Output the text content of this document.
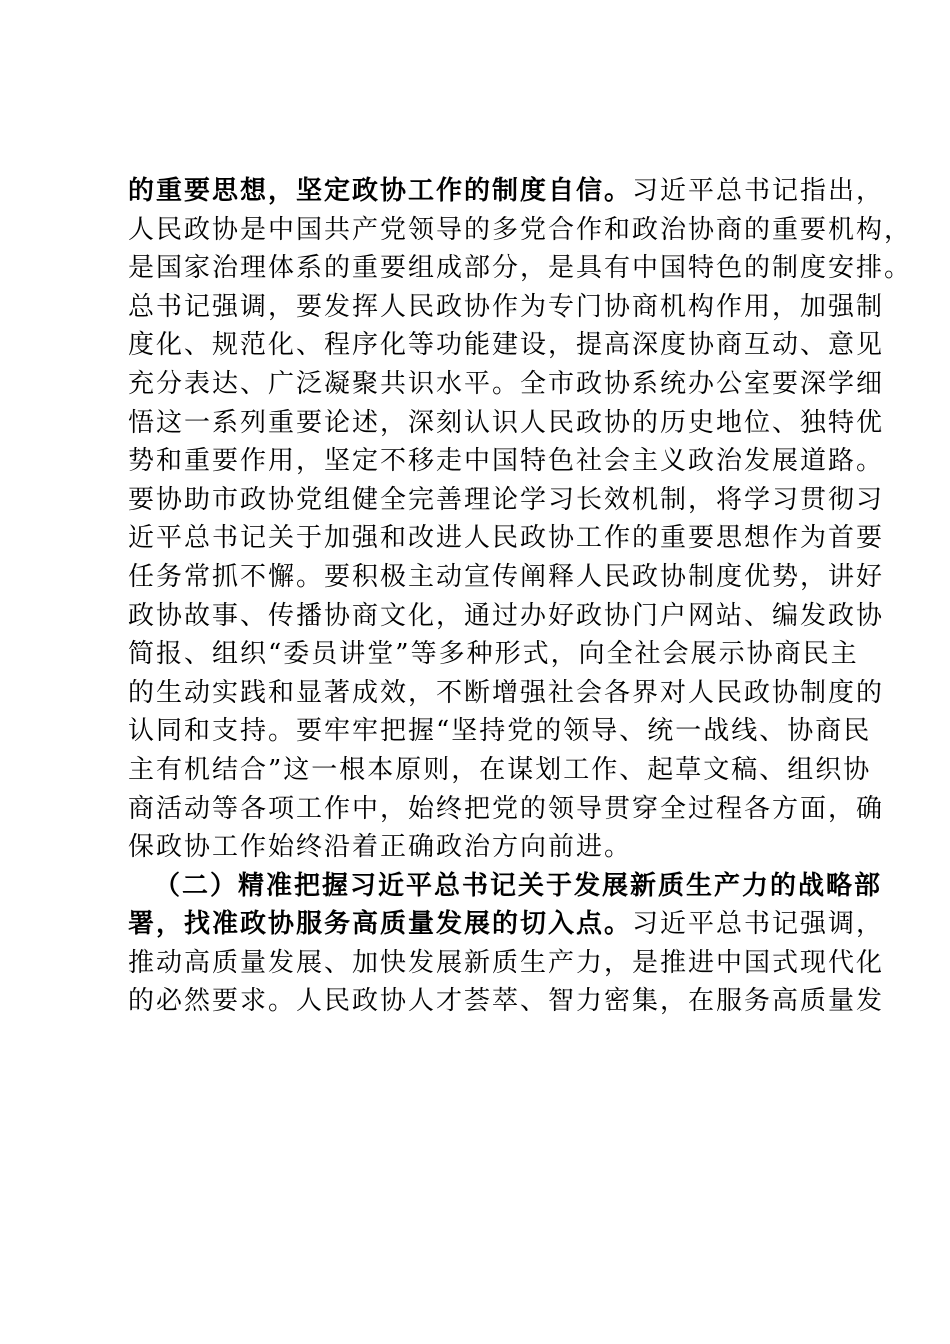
的重要思想，坚定政协工作的制度自信。习近平总书记指出，
人民政协是中国共产党领导的多党合作和政治协商的重要机构，
是国家治理体系的重要组成部分，是具有中国特色的制度安排。
总书记强调，要发挥人民政协作为专门协商机构作用，加强制
度化、规范化、程序化等功能建设，提高深度协商互动、意见
充分表达、广泛凝聚共识水平。全市政协系统办公室要深学细
悟这一系列重要论述，深刻认识人民政协的历史地位、独特优
势和重要作用，坚定不移走中国特色社会主义政治发展道路。
要协助市政协党组健全完善理论学习长效机制，将学习贯彻习
近平总书记关于加强和改进人民政协工作的重要思想作为首要
任务常抓不懈。要积极主动宣传阐释人民政协制度优势，讲好
政协故事、传播协商文化，通过办好政协门户网站、编发政协
简报、组织“委员讲堂”等多种形式，向全社会展示协商民主
的生动实践和显著成效，不断增强社会各界对人民政协制度的
认同和支持。要牢牢把握“坚持党的领导、统一战线、协商民
主有机结合”这一根本原则，在谋划工作、起草文稿、组织协
商活动等各项工作中，始终把党的领导贯穿全过程各方面，确
保政协工作始终沿着正确政治方向前进。
（二）精准把握习近平总书记关于发展新质生产力的战略部
署，找准政协服务高质量发展的切入点。习近平总书记强调，
推动高质量发展、加快发展新质生产力，是推进中国式现代化
的必然要求。人民政协人才荟萃、智力密集，在服务高质量发
